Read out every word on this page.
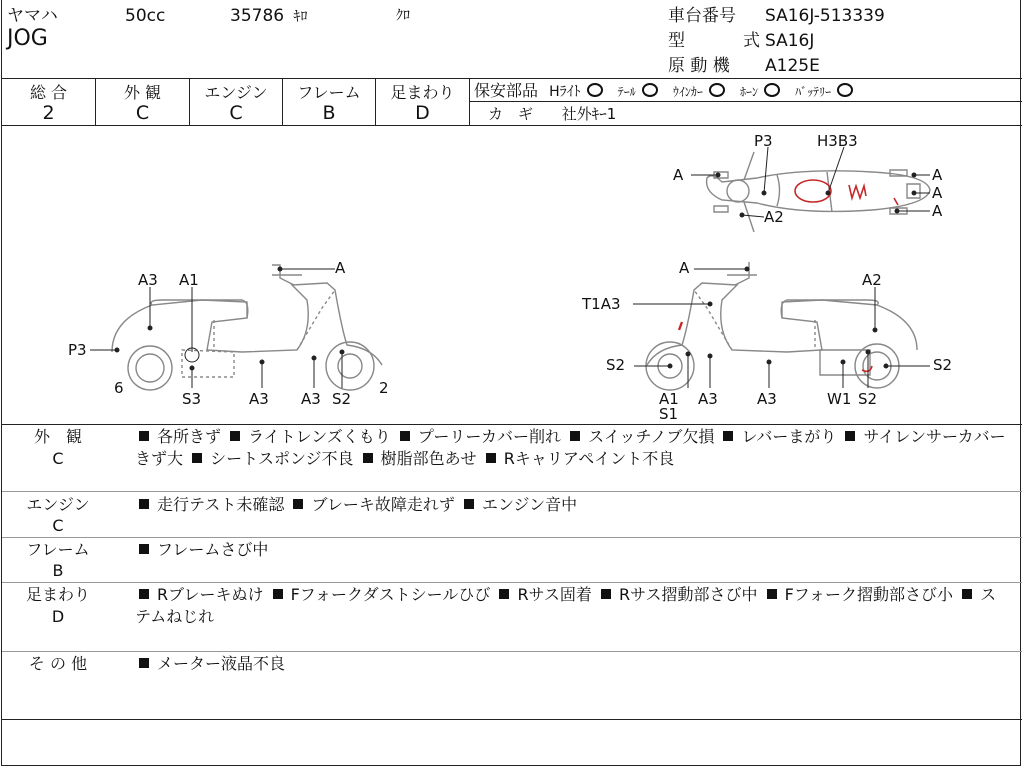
ヤマハ	50cc	35786 ｷﾛ	ｸﾛ
JOG
車台番号 SA16J-513339
型 式 SA16J
原 動 機 A125E
総 合
2
外 観
C
エンジン
C
フレーム
B
足まわり
D
保安部品 Hﾗｲﾄ	ﾃｰﾙ	ｳｲﾝｶｰ	ﾎｰﾝ	ﾊﾞｯﾃﾘｰ
カ　ギ 社外ｷｰ1
P3	H3B3
A	A
A
A
A2
A
A3 A1
P3
6
S3	A3 A3 S2
2
A
A2
T1A3
S2
A1
S1
A3	A3	W1 S2
S2
外　観
C
各所きず ライトレンズくもり プーリーカバー削れ スイッチノブ欠損 レバーまがり サイレンサーカバーきず大 シートスポンジ不良 樹脂部色あせ Rキャリアペイント不良
エンジン
C
走行テスト未確認 ブレーキ故障走れず エンジン音中
フレーム
B
フレームさび中
足まわり
D
Rブレーキぬけ Fフォークダストシールひび Rサス固着 Rサス摺動部さび中 Fフォーク摺動部さび小 ステムねじれ
そ の 他	メーター液晶不良
